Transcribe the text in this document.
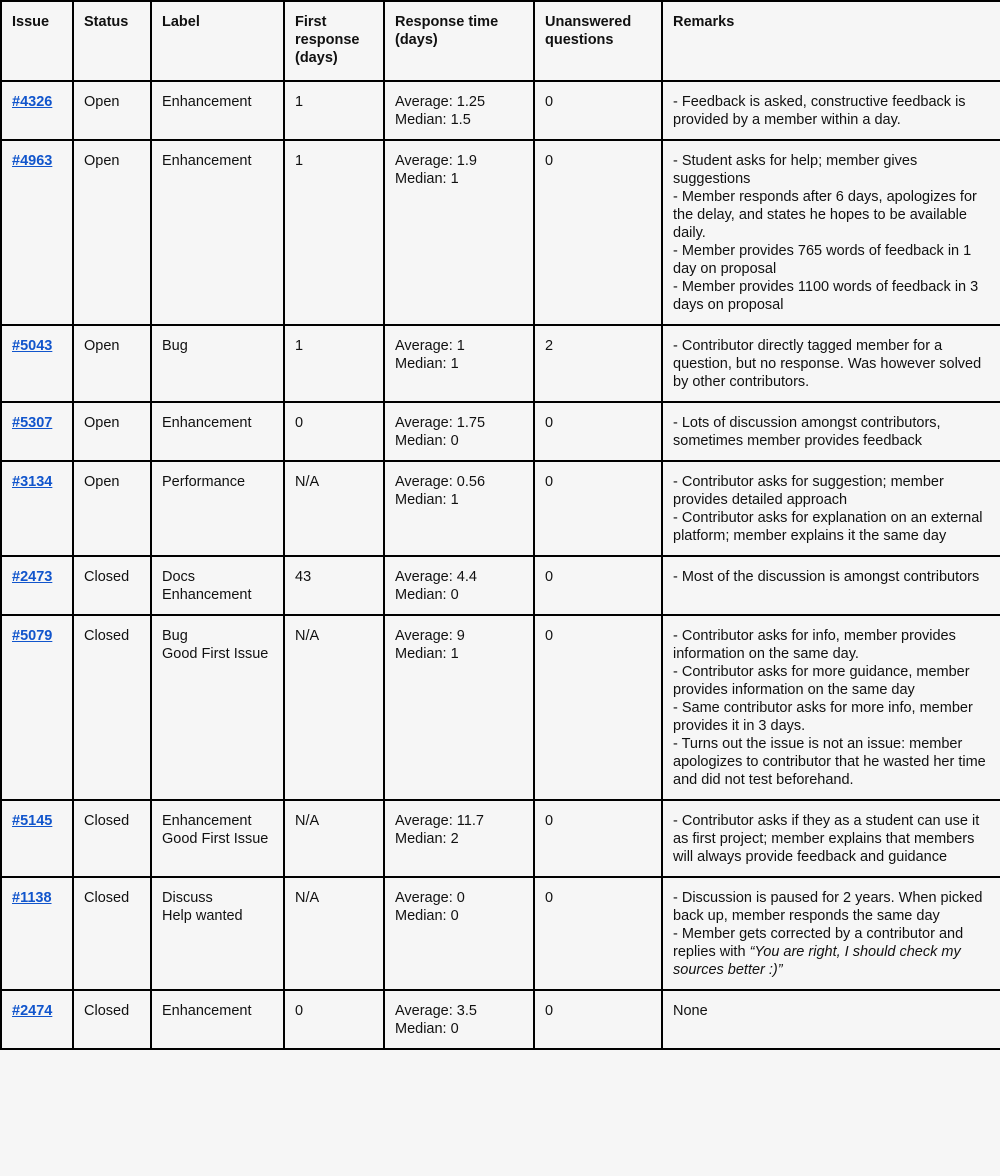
Issue	Status	Label	First response (days)	Response time (days)	Unanswered questions	Remarks
#4326	Open	Enhancement	1	Average: 1.25
Median: 1.5	0	- Feedback is asked, constructive feedback is provided by a member within a day.

#4963	Open	Enhancement	1	Average: 1.9
Median: 1	0	- Student asks for help; member gives suggestions
- Member responds after 6 days, apologizes for the delay, and states he hopes to be available daily.
- Member provides 765 words of feedback in 1 day on proposal
- Member provides 1100 words of feedback in 3 days on proposal

#5043	Open	Bug	1	Average: 1
Median: 1	2	- Contributor directly tagged member for a question, but no response. Was however solved by other contributors.

#5307	Open	Enhancement	0	Average: 1.75
Median: 0	0	- Lots of discussion amongst contributors, sometimes member provides feedback

#3134	Open	Performance	N/A	Average: 0.56
Median: 1	0	- Contributor asks for suggestion; member provides detailed approach
- Contributor asks for explanation on an external platform; member explains it the same day

#2473	Closed	Docs
Enhancement	43	Average: 4.4
Median: 0	0	- Most of the discussion is amongst contributors

#5079	Closed	Bug
Good First Issue	N/A	Average: 9
Median: 1	0	- Contributor asks for info, member provides information on the same day.
- Contributor asks for more guidance, member provides information on the same day
- Same contributor asks for more info, member provides it in 3 days.
- Turns out the issue is not an issue: member apologizes to contributor that he wasted her time and did not test beforehand.

#5145	Closed	Enhancement
Good First Issue	N/A	Average: 11.7
Median: 2	0	- Contributor asks if they as a student can use it as first project; member explains that members will always provide feedback and guidance

#1138	Closed	Discuss
Help wanted	N/A	Average: 0
Median: 0	0	- Discussion is paused for 2 years. When picked back up, member responds the same day
- Member gets corrected by a contributor and replies with “You are right, I should check my sources better :)”

#2474	Closed	Enhancement	0	Average: 3.5
Median: 0	0	None
